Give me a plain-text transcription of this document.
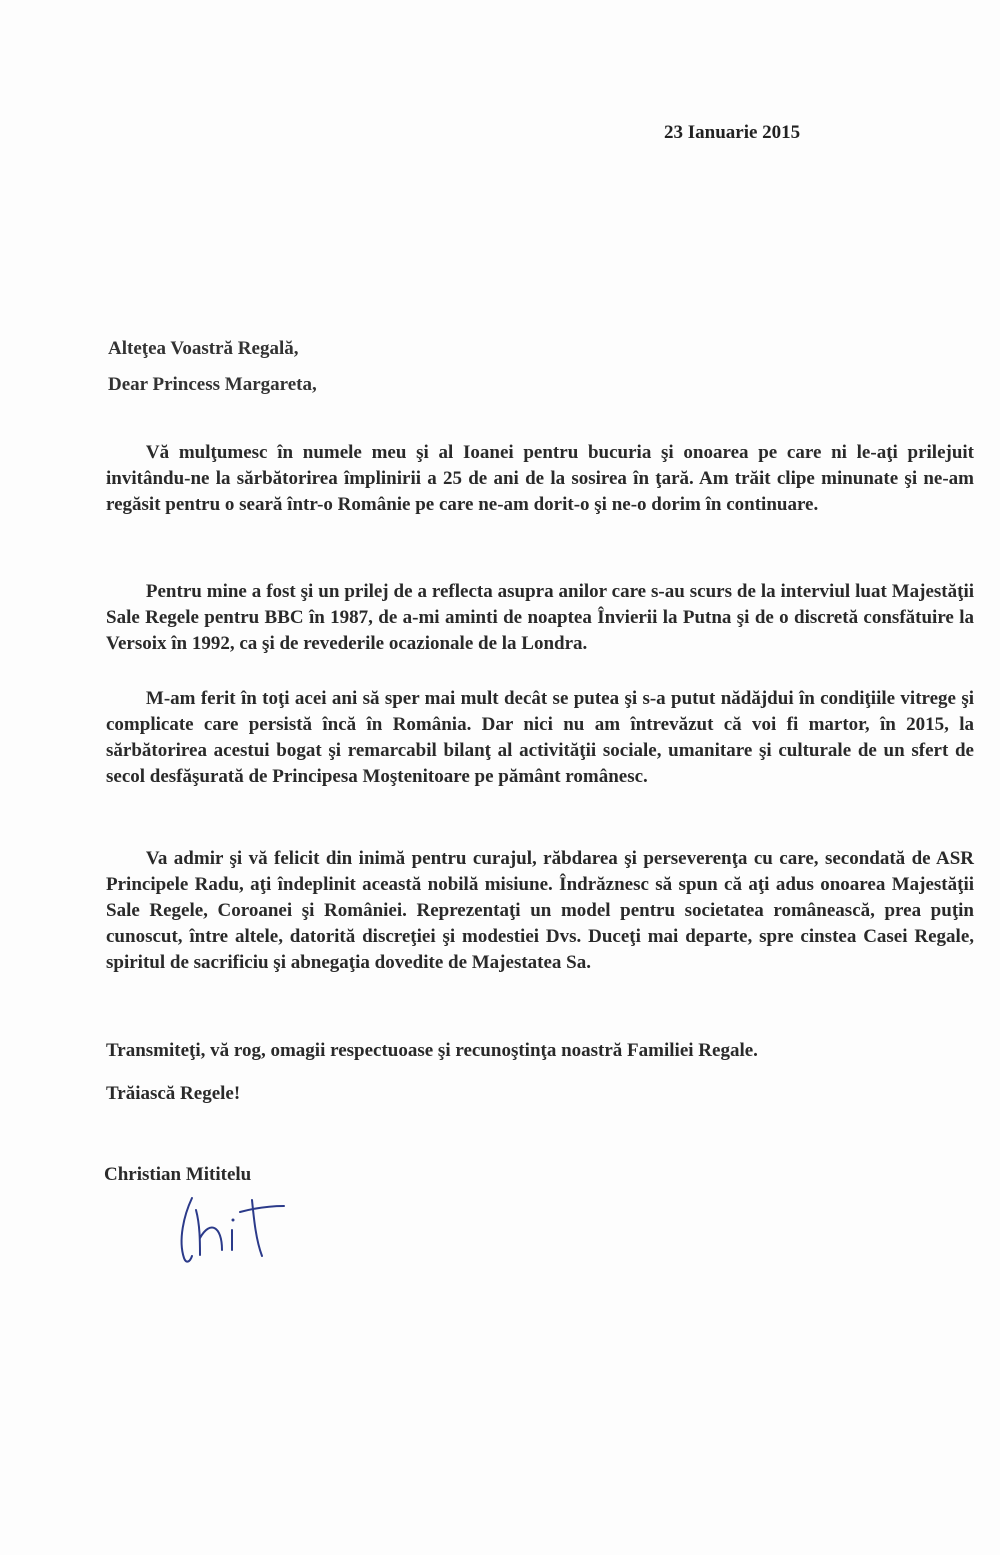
23 Ianuarie 2015
Alteţea Voastră Regală,
Dear Princess Margareta,
Vă mulţumesc în numele meu şi al Ioanei pentru bucuria şi onoarea pe care ni le-aţi prilejuit invitându-ne la sărbătorirea împlinirii a 25 de ani de la sosirea în ţară. Am trăit clipe minunate şi ne-am regăsit pentru o seară într-o Românie pe care ne-am dorit-o şi ne-o dorim în continuare.
Pentru mine a fost şi un prilej de a reflecta asupra anilor care s-au scurs de la interviul luat Majestăţii Sale Regele pentru BBC în 1987, de a-mi aminti de noaptea Învierii la Putna şi de o discretă consfătuire la Versoix în 1992, ca şi de revederile ocazionale de la Londra.
M-am ferit în toţi acei ani să sper mai mult decât se putea şi s-a putut nădăjdui în condiţiile vitrege şi complicate care persistă încă în România. Dar nici nu am întrevăzut că voi fi martor, în 2015, la sărbătorirea acestui bogat şi remarcabil bilanţ al activităţii sociale, umanitare şi culturale de un sfert de secol desfăşurată de Principesa Moştenitoare pe pământ românesc.
Va admir şi vă felicit din inimă pentru curajul, răbdarea şi perseverenţa cu care, secondată de ASR Principele Radu, aţi îndeplinit această nobilă misiune. Îndrăznesc să spun că aţi adus onoarea Majestăţii Sale Regele, Coroanei şi României. Reprezentaţi un model pentru societatea românească, prea puţin cunoscut, între altele, datorită discreţiei şi modestiei Dvs. Duceţi mai departe, spre cinstea Casei Regale, spiritul de sacrificiu şi abnegaţia dovedite de Majestatea Sa.
Transmiteţi, vă rog, omagii respectuoase şi recunoştinţa noastră Familiei Regale.
Trăiască Regele!
Christian Mititelu
